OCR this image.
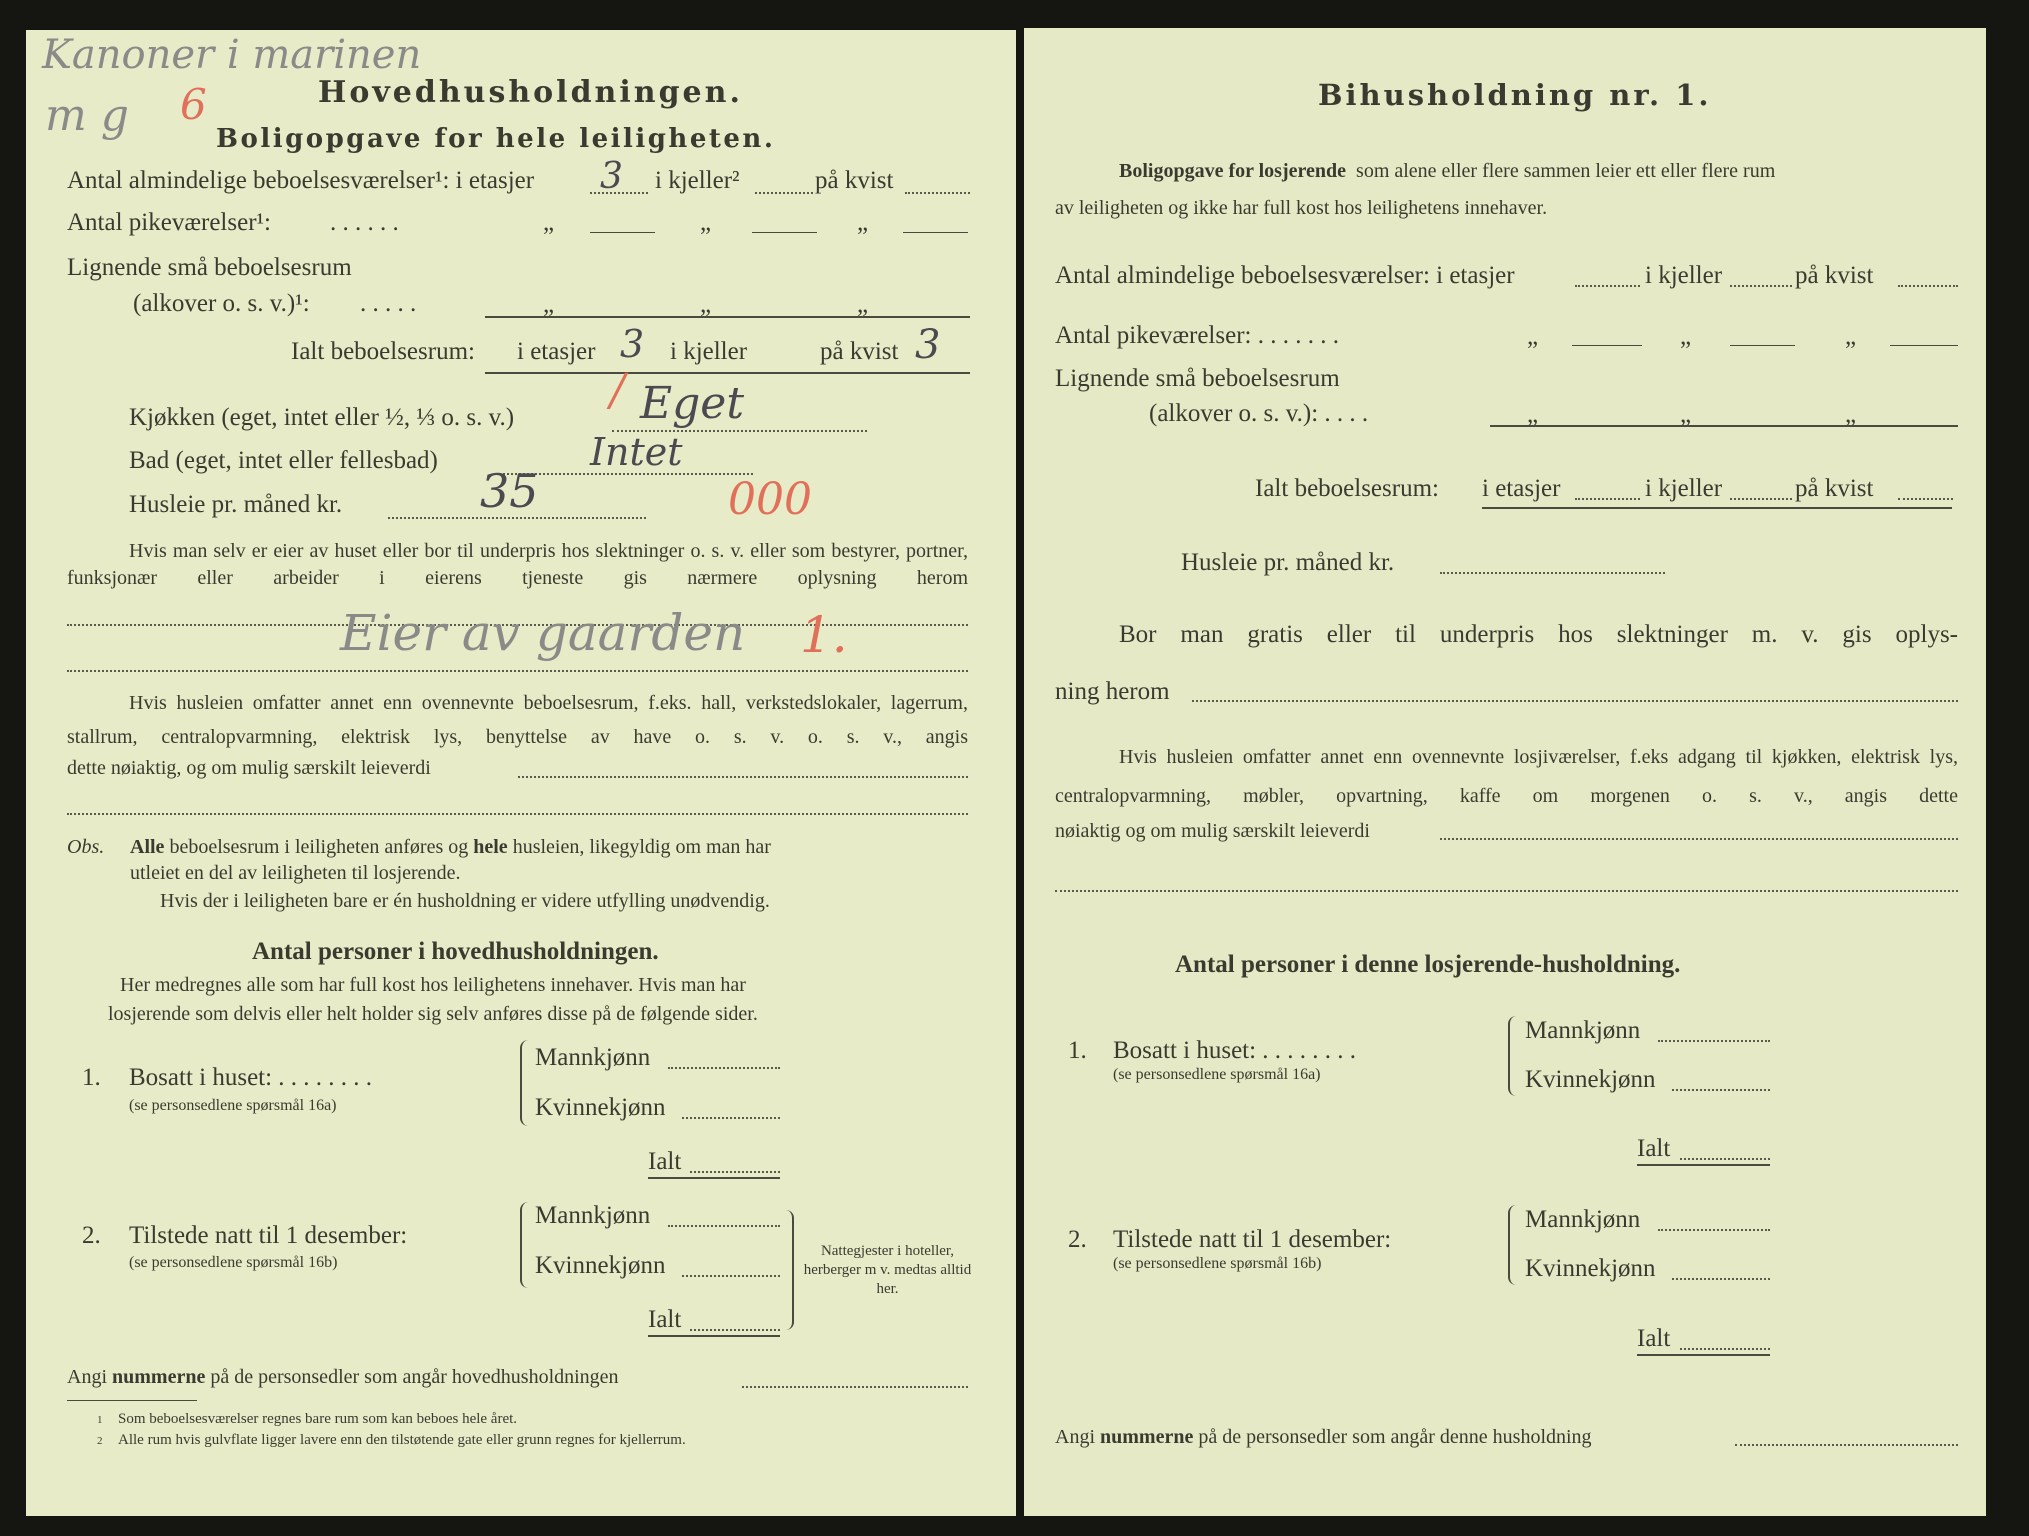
Kanoner i marinen
m g 6	Hovedhusholdningen.
Boligopgave for hele leiligheten.
Antal almindelige beboelsesværelser¹: i etasjer 3 i kjeller²	på kvist
Antal pikeværelser¹: . . . . . .	„	„	„
Lignende små beboelsesrum
(alkover o. s. v.)¹: . . . . .	„	„	„
Ialt beboelsesrum: i etasjer 3 i kjeller	på kvist 3
/
Kjøkken (eget, intet eller ½, ⅓ o. s. v.)	Eget
Bad (eget, intet eller fellesbad)	Intet
Husleie pr. måned kr.	35	000
Hvis man selv er eier av huset eller bor til underpris hos slektninger o. s. v. eller som bestyrer, portner, funksjonær eller arbeider i eierens tjeneste gis nærmere oplysning herom
Eier av gaarden 1.
Hvis husleien omfatter annet enn ovennevnte beboelsesrum, f.eks. hall, verkstedslokaler, lagerrum, stallrum, centralopvarmning, elektrisk lys, benyttelse av have o. s. v. o. s. v., angis
dette nøiaktig, og om mulig særskilt leieverdi
Obs. Alle beboelsesrum i leiligheten anføres og hele husleien, likegyldig om man har
utleiet en del av leiligheten til losjerende.
Hvis der i leiligheten bare er én husholdning er videre utfylling unødvendig.
Antal personer i hovedhusholdningen.
Her medregnes alle som har full kost hos leilighetens innehaver. Hvis man har
losjerende som delvis eller helt holder sig selv anføres disse på de følgende sider.
1. Bosatt i huset: . . . . . . . .
(se personsedlene spørsmål 16a)
Mannkjønn
Kvinnekjønn
Ialt
2. Tilstede natt til 1 desember:
(se personsedlene spørsmål 16b)
Mannkjønn
Kvinnekjønn
Ialt
Nattegjester i hoteller, herberger m v. medtas alltid her.
Angi nummerne på de personsedler som angår hovedhusholdningen
1 Som beboelsesværelser regnes bare rum som kan beboes hele året.
2 Alle rum hvis gulvflate ligger lavere enn den tilstøtende gate eller grunn regnes for kjellerrum.
Bihusholdning nr. 1.
Boligopgave for losjerende som alene eller flere sammen leier ett eller flere rum
av leiligheten og ikke har full kost hos leilighetens innehaver.
Antal almindelige beboelsesværelser: i etasjer	i kjeller	på kvist
Antal pikeværelser: . . . . . . .	„	„	„
Lignende små beboelsesrum
(alkover o. s. v.): . . . .	„	„	„
Ialt beboelsesrum: i etasjer	i kjeller	på kvist
Husleie pr. måned kr.
Bor man gratis eller til underpris hos slektninger m. v. gis oplys-
ning herom
Hvis husleien omfatter annet enn ovennevnte losjiværelser, f.eks adgang til kjøkken, elektrisk lys, centralopvarmning, møbler, opvartning, kaffe om morgenen o. s. v., angis dette
nøiaktig og om mulig særskilt leieverdi
Antal personer i denne losjerende-husholdning.
1. Bosatt i huset: . . . . . . . .
(se personsedlene spørsmål 16a)
Mannkjønn
Kvinnekjønn
Ialt
2. Tilstede natt til 1 desember:
(se personsedlene spørsmål 16b)
Mannkjønn
Kvinnekjønn
Ialt
Angi nummerne på de personsedler som angår denne husholdning
